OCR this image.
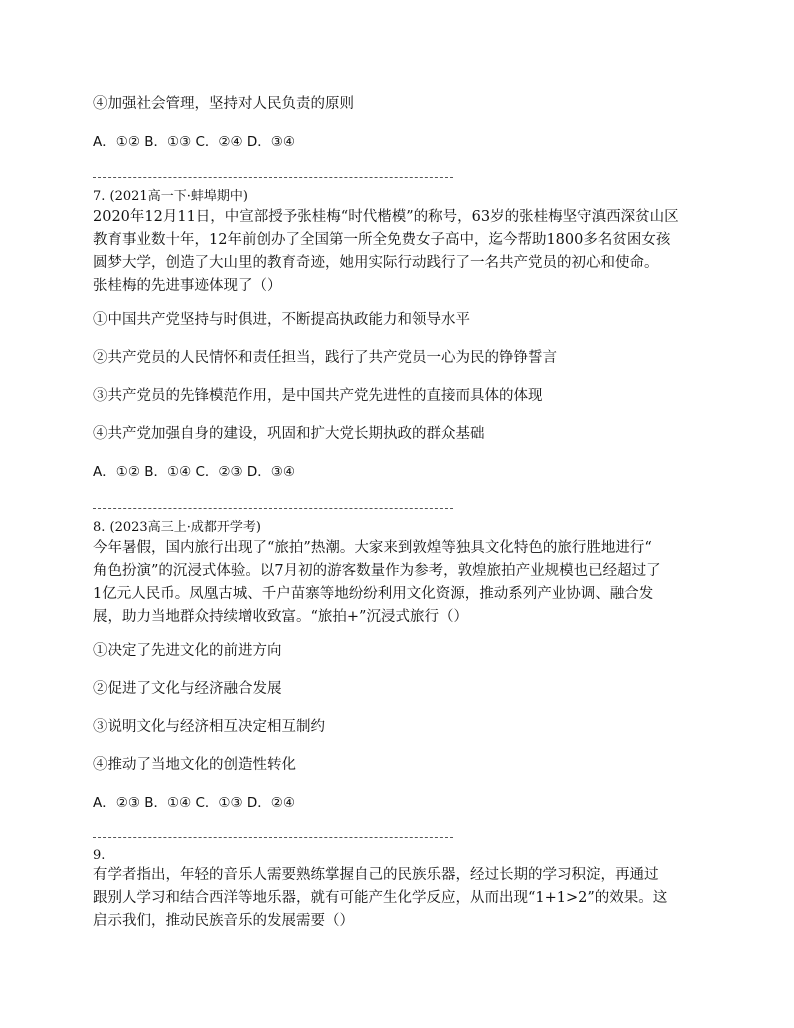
④加强社会管理，坚持对人民负责的原则
A．①② B．①③ C．②④ D．③④
7. (2021高一下·蚌埠期中)
2020年12月11日，中宣部授予张桂梅“时代楷模”的称号，63岁的张桂梅坚守滇西深贫山区
教育事业数十年，12年前创办了全国第一所全免费女子高中，迄今帮助1800多名贫困女孩
圆梦大学，创造了大山里的教育奇迹，她用实际行动践行了一名共产党员的初心和使命。
张桂梅的先进事迹体现了（）
①中国共产党坚持与时俱进，不断提高执政能力和领导水平
②共产党员的人民情怀和责任担当，践行了共产党员一心为民的铮铮誓言
③共产党员的先锋模范作用，是中国共产党先进性的直接而具体的体现
④共产党加强自身的建设，巩固和扩大党长期执政的群众基础
A．①② B．①④ C．②③ D．③④
8. (2023高三上·成都开学考)
今年暑假，国内旅行出现了“旅拍”热潮。大家来到敦煌等独具文化特色的旅行胜地进行“
角色扮演”的沉浸式体验。以7月初的游客数量作为参考，敦煌旅拍产业规模也已经超过了
1亿元人民币。凤凰古城、千户苗寨等地纷纷利用文化资源，推动系列产业协调、融合发
展，助力当地群众持续增收致富。“旅拍+”沉浸式旅行（）
①决定了先进文化的前进方向
②促进了文化与经济融合发展
③说明文化与经济相互决定相互制约
④推动了当地文化的创造性转化
A．②③ B．①④ C．①③ D．②④
9.
有学者指出，年轻的音乐人需要熟练掌握自己的民族乐器，经过长期的学习积淀，再通过
跟别人学习和结合西洋等地乐器，就有可能产生化学反应，从而出现“1+1>2”的效果。这
启示我们，推动民族音乐的发展需要（）
